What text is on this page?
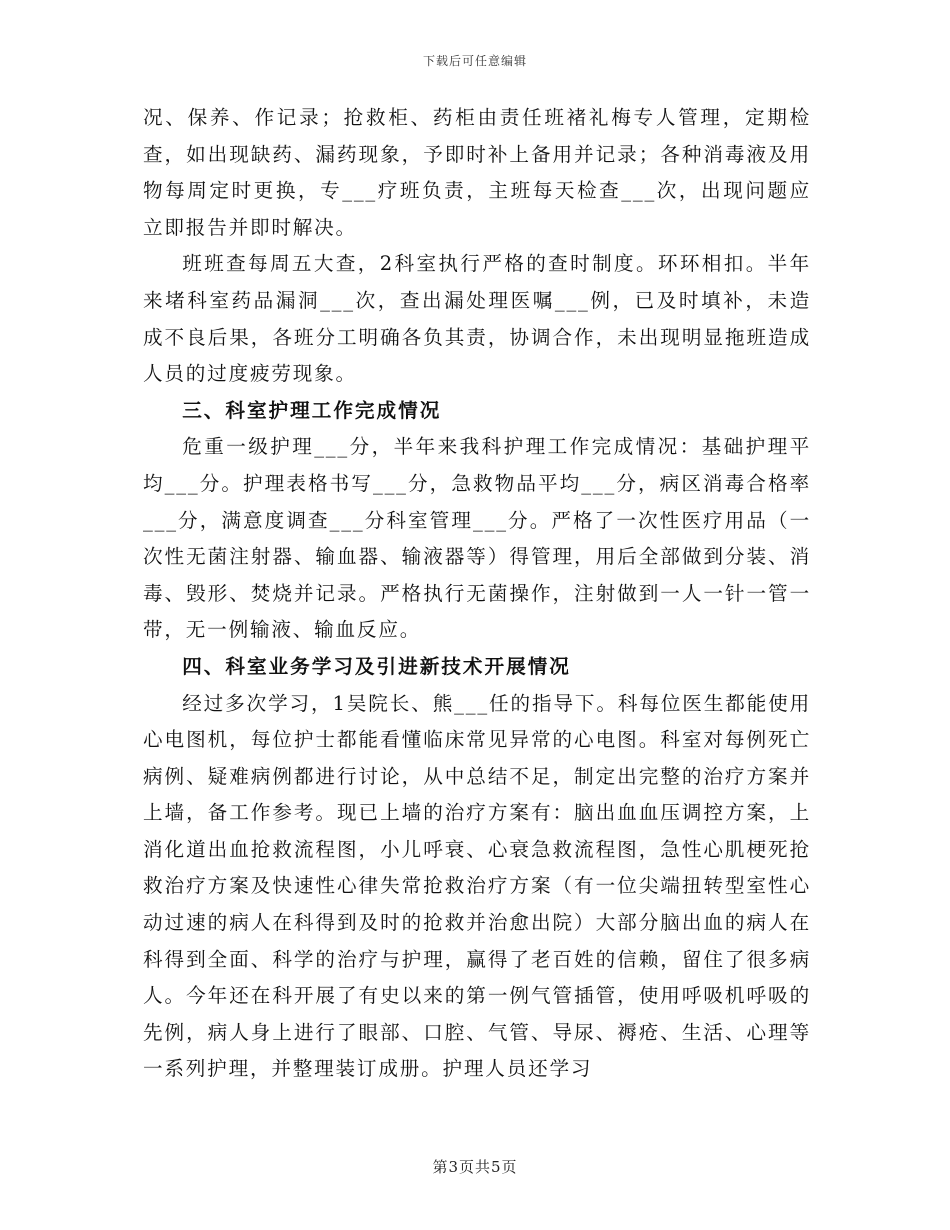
下载后可任意编辑

况、保养、作记录；抢救柜、药柜由责任班褚礼梅专人管理，定期检查，如出现缺药、漏药现象，予即时补上备用并记录；各种消毒液及用物每周定时更换，专___疗班负责，主班每天检查___次，出现问题应立即报告并即时解决。

班班查每周五大查，2科室执行严格的查时制度。环环相扣。半年来堵科室药品漏洞___次，查出漏处理医嘱___例，已及时填补，未造成不良后果，各班分工明确各负其责，协调合作，未出现明显拖班造成人员的过度疲劳现象。

三、科室护理工作完成情况

危重一级护理___分，半年来我科护理工作完成情况：基础护理平均___分。护理表格书写___分，急救物品平均___分，病区消毒合格率___分，满意度调查___分科室管理___分。严格了一次性医疗用品（一次性无菌注射器、输血器、输液器等）得管理，用后全部做到分装、消毒、毁形、焚烧并记录。严格执行无菌操作，注射做到一人一针一管一带，无一例输液、输血反应。

四、科室业务学习及引进新技术开展情况

经过多次学习，1吴院长、熊___任的指导下。科每位医生都能使用心电图机，每位护士都能看懂临床常见异常的心电图。科室对每例死亡病例、疑难病例都进行讨论，从中总结不足，制定出完整的治疗方案并上墙，备工作参考。现已上墙的治疗方案有：脑出血血压调控方案，上消化道出血抢救流程图，小儿呼衰、心衰急救流程图，急性心肌梗死抢救治疗方案及快速性心律失常抢救治疗方案（有一位尖端扭转型室性心动过速的病人在科得到及时的抢救并治愈出院）大部分脑出血的病人在科得到全面、科学的治疗与护理，赢得了老百姓的信赖，留住了很多病人。今年还在科开展了有史以来的第一例气管插管，使用呼吸机呼吸的先例，病人身上进行了眼部、口腔、气管、导尿、褥疮、生活、心理等一系列护理，并整理装订成册。护理人员还学习

第3页共5页
